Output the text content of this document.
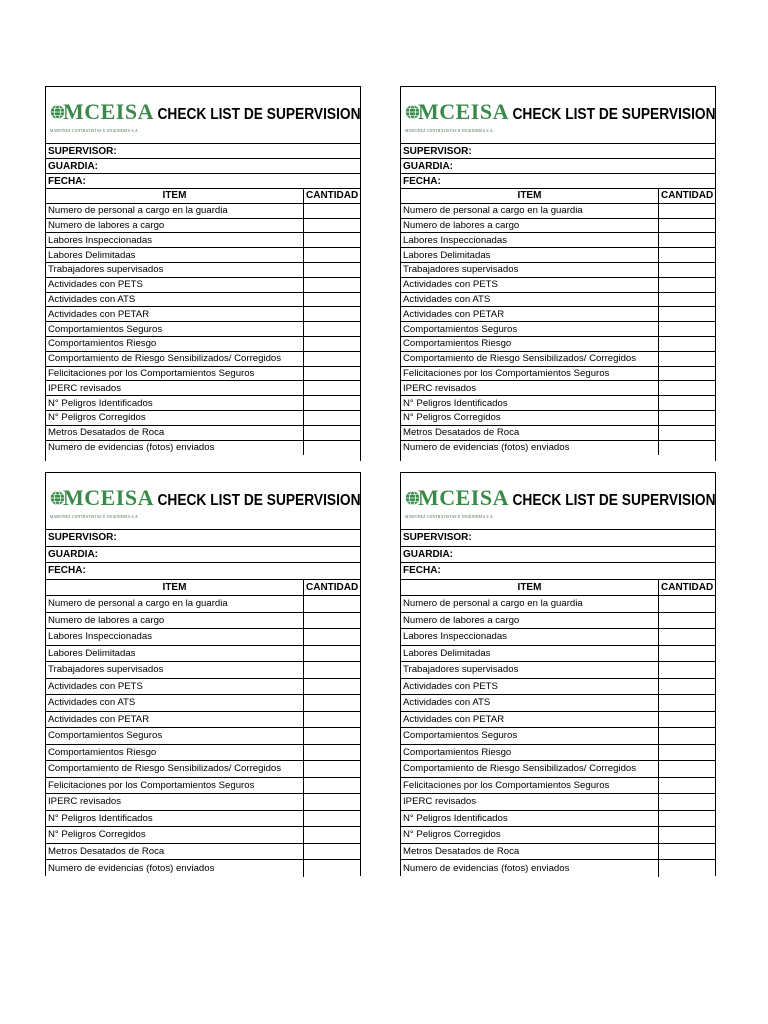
MCEISA
MARTINEZ CONTRATISTAS E INGENIERIA S.A.
CHECK LIST DE SUPERVISION
SUPERVISOR:
GUARDIA:
FECHA:
ITEM	CANTIDAD
Numero de personal a cargo en la guardia
Numero de labores a cargo
Labores Inspeccionadas
Labores Delimitadas
Trabajadores supervisados
Actividades con PETS
Actividades con ATS
Actividades con PETAR
Comportamientos Seguros
Comportamientos Riesgo
Comportamiento de Riesgo Sensibilizados/ Corregidos
Felicitaciones por los Comportamientos Seguros
IPERC revisados
N° Peligros Identificados
N° Peligros Corregidos
Metros Desatados de Roca
Numero de evidencias (fotos) enviados
MCEISA
MARTINEZ CONTRATISTAS E INGENIERIA S.A.
CHECK LIST DE SUPERVISION
SUPERVISOR:
GUARDIA:
FECHA:
ITEM	CANTIDAD
Numero de personal a cargo en la guardia
Numero de labores a cargo
Labores Inspeccionadas
Labores Delimitadas
Trabajadores supervisados
Actividades con PETS
Actividades con ATS
Actividades con PETAR
Comportamientos Seguros
Comportamientos Riesgo
Comportamiento de Riesgo Sensibilizados/ Corregidos
Felicitaciones por los Comportamientos Seguros
IPERC revisados
N° Peligros Identificados
N° Peligros Corregidos
Metros Desatados de Roca
Numero de evidencias (fotos) enviados
MCEISA
MARTINEZ CONTRATISTAS E INGENIERIA S.A.
CHECK LIST DE SUPERVISION
SUPERVISOR:
GUARDIA:
FECHA:
ITEM	CANTIDAD
Numero de personal a cargo en la guardia
Numero de labores a cargo
Labores Inspeccionadas
Labores Delimitadas
Trabajadores supervisados
Actividades con PETS
Actividades con ATS
Actividades con PETAR
Comportamientos Seguros
Comportamientos Riesgo
Comportamiento de Riesgo Sensibilizados/ Corregidos
Felicitaciones por los Comportamientos Seguros
IPERC revisados
N° Peligros Identificados
N° Peligros Corregidos
Metros Desatados de Roca
Numero de evidencias (fotos) enviados
MCEISA
MARTINEZ CONTRATISTAS E INGENIERIA S.A.
CHECK LIST DE SUPERVISION
SUPERVISOR:
GUARDIA:
FECHA:
ITEM	CANTIDAD
Numero de personal a cargo en la guardia
Numero de labores a cargo
Labores Inspeccionadas
Labores Delimitadas
Trabajadores supervisados
Actividades con PETS
Actividades con ATS
Actividades con PETAR
Comportamientos Seguros
Comportamientos Riesgo
Comportamiento de Riesgo Sensibilizados/ Corregidos
Felicitaciones por los Comportamientos Seguros
IPERC revisados
N° Peligros Identificados
N° Peligros Corregidos
Metros Desatados de Roca
Numero de evidencias (fotos) enviados
